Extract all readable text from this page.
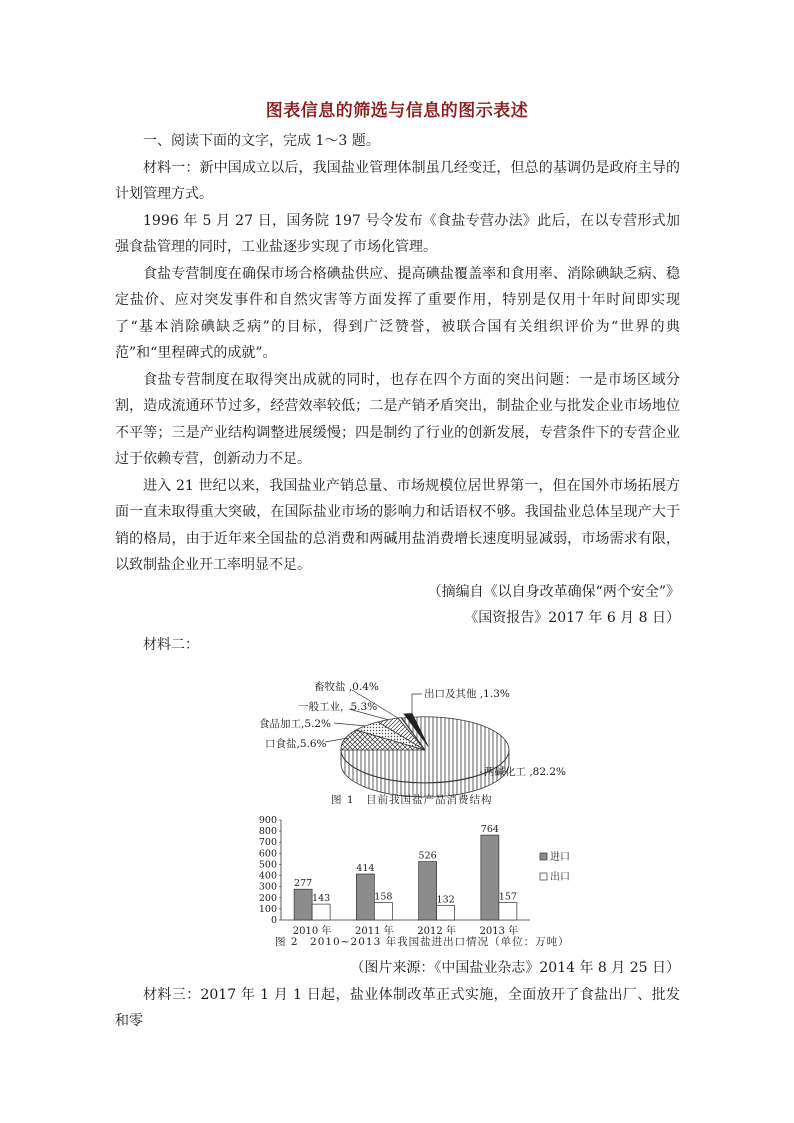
图表信息的筛选与信息的图示表述

一、阅读下面的文字，完成 1～3 题。

材料一：新中国成立以后，我国盐业管理体制虽几经变迁，但总的基调仍是政府主导的计划管理方式。

1996 年 5 月 27 日，国务院 197 号令发布《食盐专营办法》此后，在以专营形式加强食盐管理的同时，工业盐逐步实现了市场化管理。

食盐专营制度在确保市场合格碘盐供应、提高碘盐覆盖率和食用率、消除碘缺乏病、稳定盐价、应对突发事件和自然灾害等方面发挥了重要作用，特别是仅用十年时间即实现了“基本消除碘缺乏病”的目标，得到广泛赞誉，被联合国有关组织评价为“世界的典范”和“里程碑式的成就”。

食盐专营制度在取得突出成就的同时，也存在四个方面的突出问题：一是市场区域分割，造成流通环节过多，经营效率较低；二是产销矛盾突出，制盐企业与批发企业市场地位不平等；三是产业结构调整进展缓慢；四是制约了行业的创新发展，专营条件下的专营企业过于依赖专营，创新动力不足。

进入 21 世纪以来，我国盐业产销总量、市场规模位居世界第一，但在国外市场拓展方面一直未取得重大突破，在国际盐业市场的影响力和话语权不够。我国盐业总体呈现产大于销的格局，由于近年来全国盐的总消费和两碱用盐消费增长速度明显减弱，市场需求有限，以致制盐企业开工率明显不足。

（摘编自《以自身改革确保“两个安全”》

《国资报告》2017 年 6 月 8 日）

材料二：

畜牧盐 ,0.4%
一般工业，5.3%
食品加工,5.2%
口食盐,5.6%
出口及其他 ,1.3%
两碱化工 ,82.2%
图 1　目前我国盐产品消费结构
900
800
700
600
500
400
300
200
100
0
277
143
414
158
526
132
764
157
2010 年 2011 年 2012 年 2013 年
进口
出口
图 2　2010~2013 年我国盐进出口情况（单位：万吨）

（图片来源：《中国盐业杂志》2014 年 8 月 25 日）

材料三：2017 年 1 月 1 日起，盐业体制改革正式实施，全面放开了食盐出厂、批发和零
